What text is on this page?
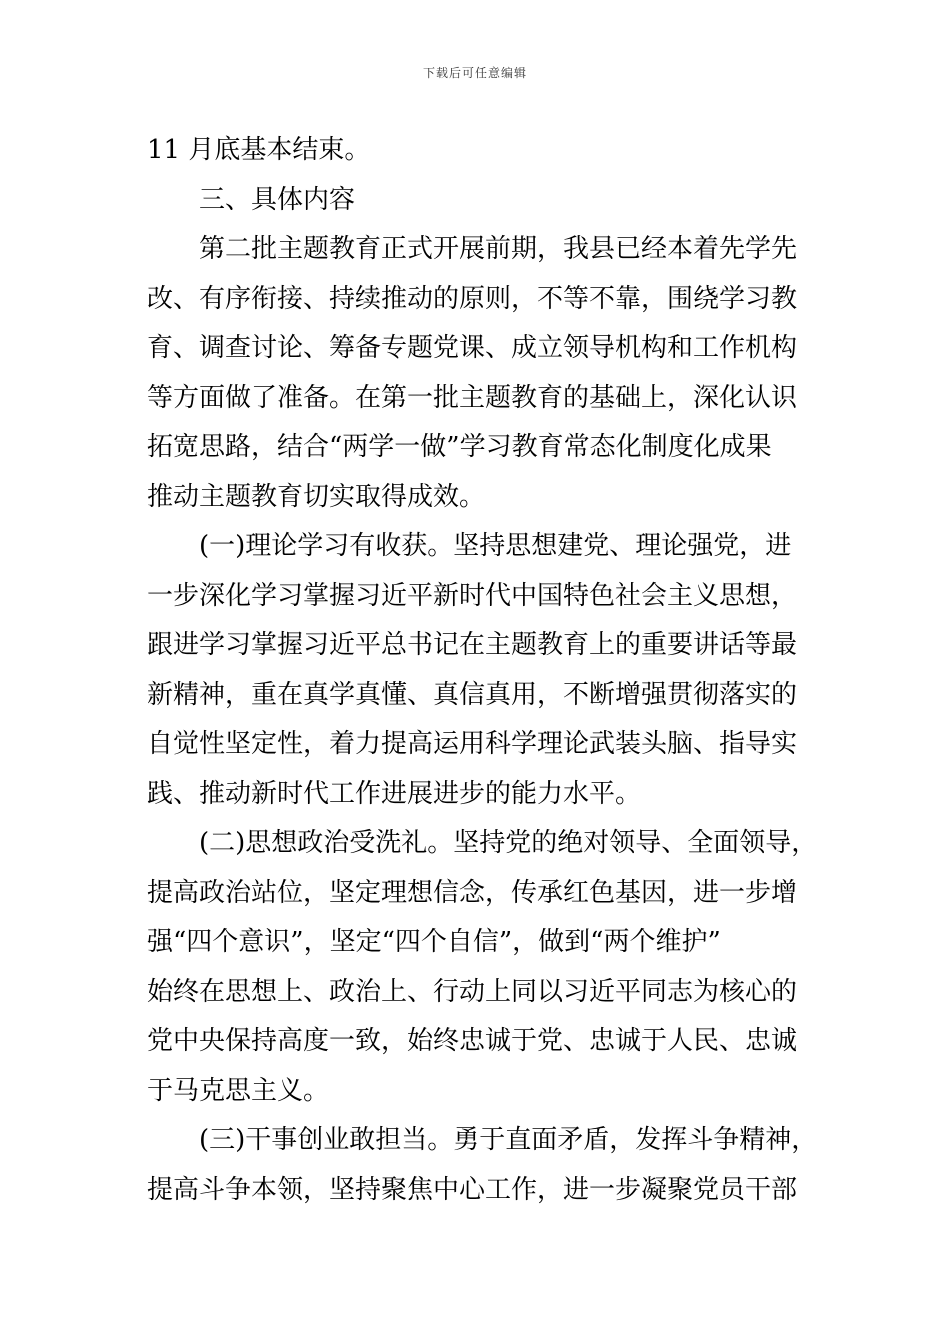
下载后可任意编辑
11 月底基本结束。
三、具体内容
第二批主题教育正式开展前期，我县已经本着先学先
改、有序衔接、持续推动的原则，不等不靠，围绕学习教
育、调查讨论、筹备专题党课、成立领导机构和工作机构
等方面做了准备。在第一批主题教育的基础上，深化认识
拓宽思路，结合“两学一做”学习教育常态化制度化成果
推动主题教育切实取得成效。
(一)理论学习有收获。坚持思想建党、理论强党，进
一步深化学习掌握习近平新时代中国特色社会主义思想，
跟进学习掌握习近平总书记在主题教育上的重要讲话等最
新精神，重在真学真懂、真信真用，不断增强贯彻落实的
自觉性坚定性，着力提高运用科学理论武装头脑、指导实
践、推动新时代工作进展进步的能力水平。
(二)思想政治受洗礼。坚持党的绝对领导、全面领导，
提高政治站位，坚定理想信念，传承红色基因，进一步增
强“四个意识”，坚定“四个自信”，做到“两个维护”
始终在思想上、政治上、行动上同以习近平同志为核心的
党中央保持高度一致，始终忠诚于党、忠诚于人民、忠诚
于马克思主义。
(三)干事创业敢担当。勇于直面矛盾，发挥斗争精神，
提高斗争本领，坚持聚焦中心工作，进一步凝聚党员干部
